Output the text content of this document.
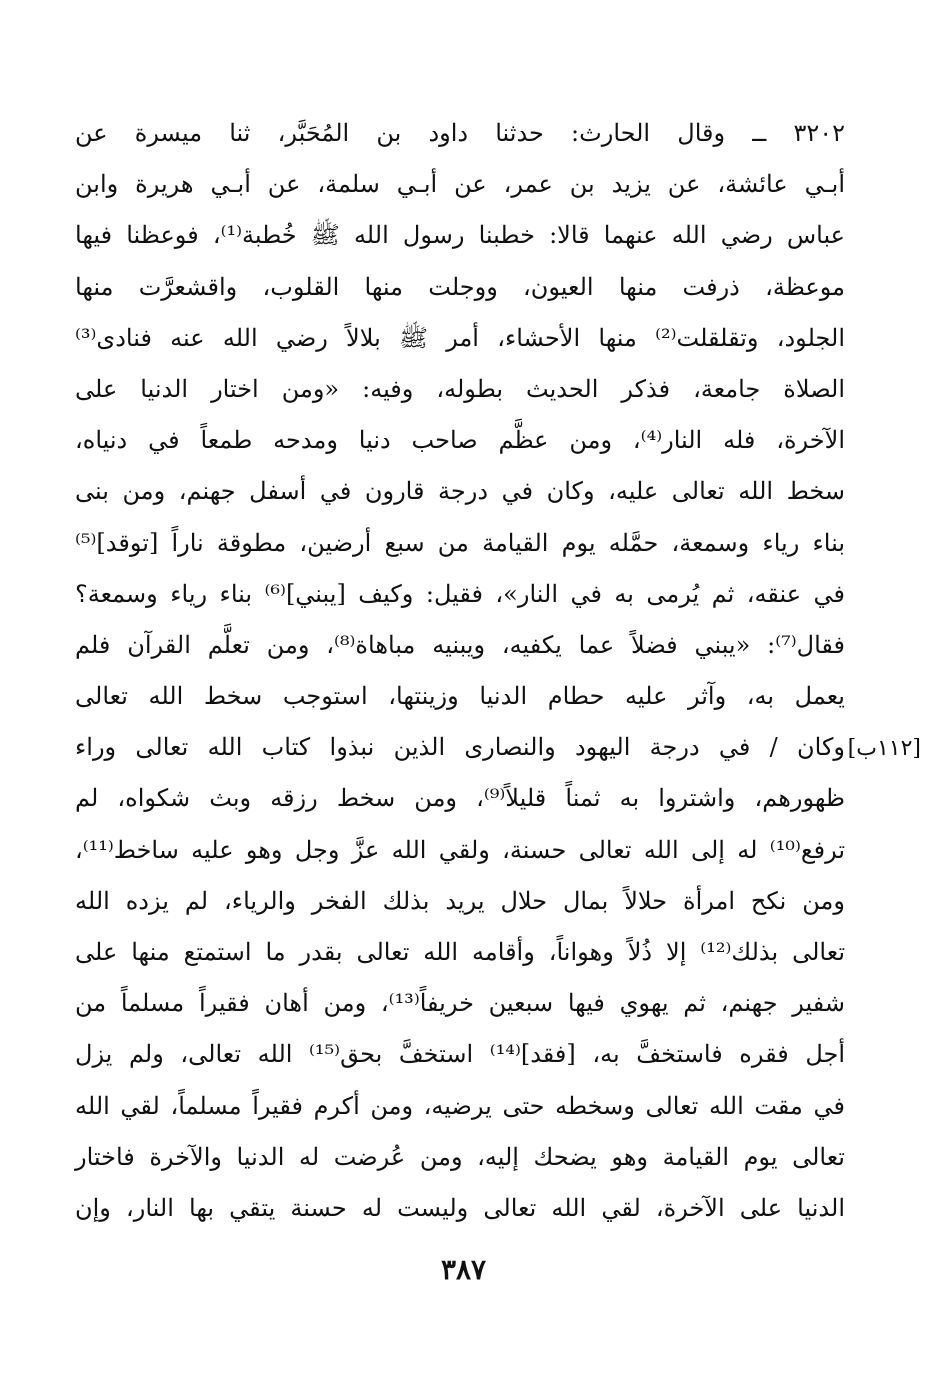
٣٢٠٢ ــ وقال الحارث: حدثنا داود بن المُحَبَّر، ثنا ميسرة عن
أبـي عائشة، عن يزيد بن عمر، عن أبـي سلمة، عن أبـي هريرة وابن
عباس رضي الله عنهما قالا: خطبنا رسول الله ﷺ خُطبة⁽¹⁾، فوعظنا فيها
موعظة، ذرفت منها العيون، ووجلت منها القلوب، واقشعرَّت منها
الجلود، وتقلقلت⁽²⁾ منها الأحشاء، أمر ﷺ بلالاً رضي الله عنه فنادى⁽³⁾
الصلاة جامعة، فذكر الحديث بطوله، وفيه: «ومن اختار الدنيا على
الآخرة، فله النار⁽⁴⁾، ومن عظَّم صاحب دنيا ومدحه طمعاً في دنياه،
سخط الله تعالى عليه، وكان في درجة قارون في أسفل جهنم، ومن بنى
بناء رياء وسمعة، حمَّله يوم القيامة من سبع أرضين، مطوقة ناراً [توقد]⁽⁵⁾
في عنقه، ثم يُرمى به في النار»، فقيل: وكيف [يبني]⁽⁶⁾ بناء رياء وسمعة؟
فقال⁽⁷⁾: «يبني فضلاً عما يكفيه، ويبنيه مباهاة⁽⁸⁾، ومن تعلَّم القرآن فلم
يعمل به، وآثر عليه حطام الدنيا وزينتها، استوجب سخط الله تعالى
وكان / في درجة اليهود والنصارى الذين نبذوا كتاب الله تعالى وراء
ظهورهم، واشتروا به ثمناً قليلاً⁽⁹⁾، ومن سخط رزقه وبث شكواه، لم
ترفع⁽¹⁰⁾ له إلى الله تعالى حسنة، ولقي الله عزَّ وجل وهو عليه ساخط⁽¹¹⁾،
ومن نكح امرأة حلالاً بمال حلال يريد بذلك الفخر والرياء، لم يزده الله
تعالى بذلك⁽¹²⁾ إلا ذُلاً وهواناً، وأقامه الله تعالى بقدر ما استمتع منها على
شفير جهنم، ثم يهوي فيها سبعين خريفاً⁽¹³⁾، ومن أهان فقيراً مسلماً من
أجل فقره فاستخفَّ به، [فقد]⁽¹⁴⁾ استخفَّ بحق⁽¹⁵⁾ الله تعالى، ولم يزل
في مقت الله تعالى وسخطه حتى يرضيه، ومن أكرم فقيراً مسلماً، لقي الله
تعالى يوم القيامة وهو يضحك إليه، ومن عُرضت له الدنيا والآخرة فاختار
الدنيا على الآخرة، لقي الله تعالى وليست له حسنة يتقي بها النار، وإن
[١١٢ب]
٣٨٧
